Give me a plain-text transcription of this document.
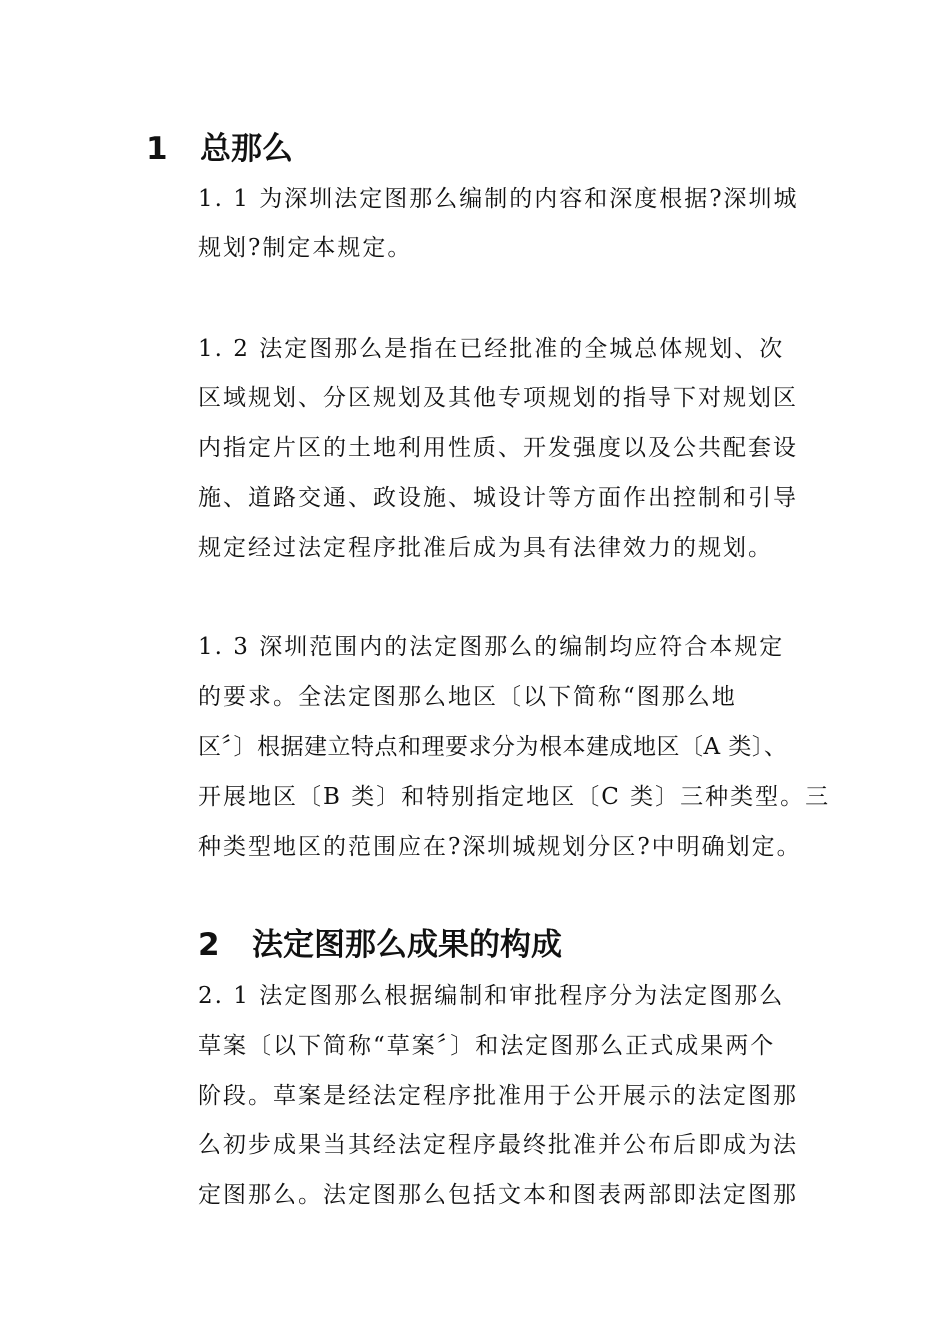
1 总那么

1. 1 为深圳法定图那么编制的内容和深度根据?深圳城

规划?制定本规定。

1. 2 法定图那么是指在已经批准的全城总体规划、次

区域规划、分区规划及其他专项规划的指导下对规划区

内指定片区的土地利用性质、开发强度以及公共配套设

施、道路交通、政设施、城设计等方面作出控制和引导

规定经过法定程序批准后成为具有法律效力的规划。

1. 3 深圳范围内的法定图那么的编制均应符合本规定

的要求。全法定图那么地区〔以下简称“图那么地

区〞〕根据建立特点和理要求分为根本建成地区〔A 类〕、

开展地区〔B 类〕和特别指定地区〔C 类〕三种类型。三

种类型地区的范围应在?深圳城规划分区?中明确划定。

2 法定图那么成果的构成

2. 1 法定图那么根据编制和审批程序分为法定图那么

草案〔以下简称“草案〞〕和法定图那么正式成果两个

阶段。草案是经法定程序批准用于公开展示的法定图那

么初步成果当其经法定程序最终批准并公布后即成为法

定图那么。法定图那么包括文本和图表两部即法定图那
